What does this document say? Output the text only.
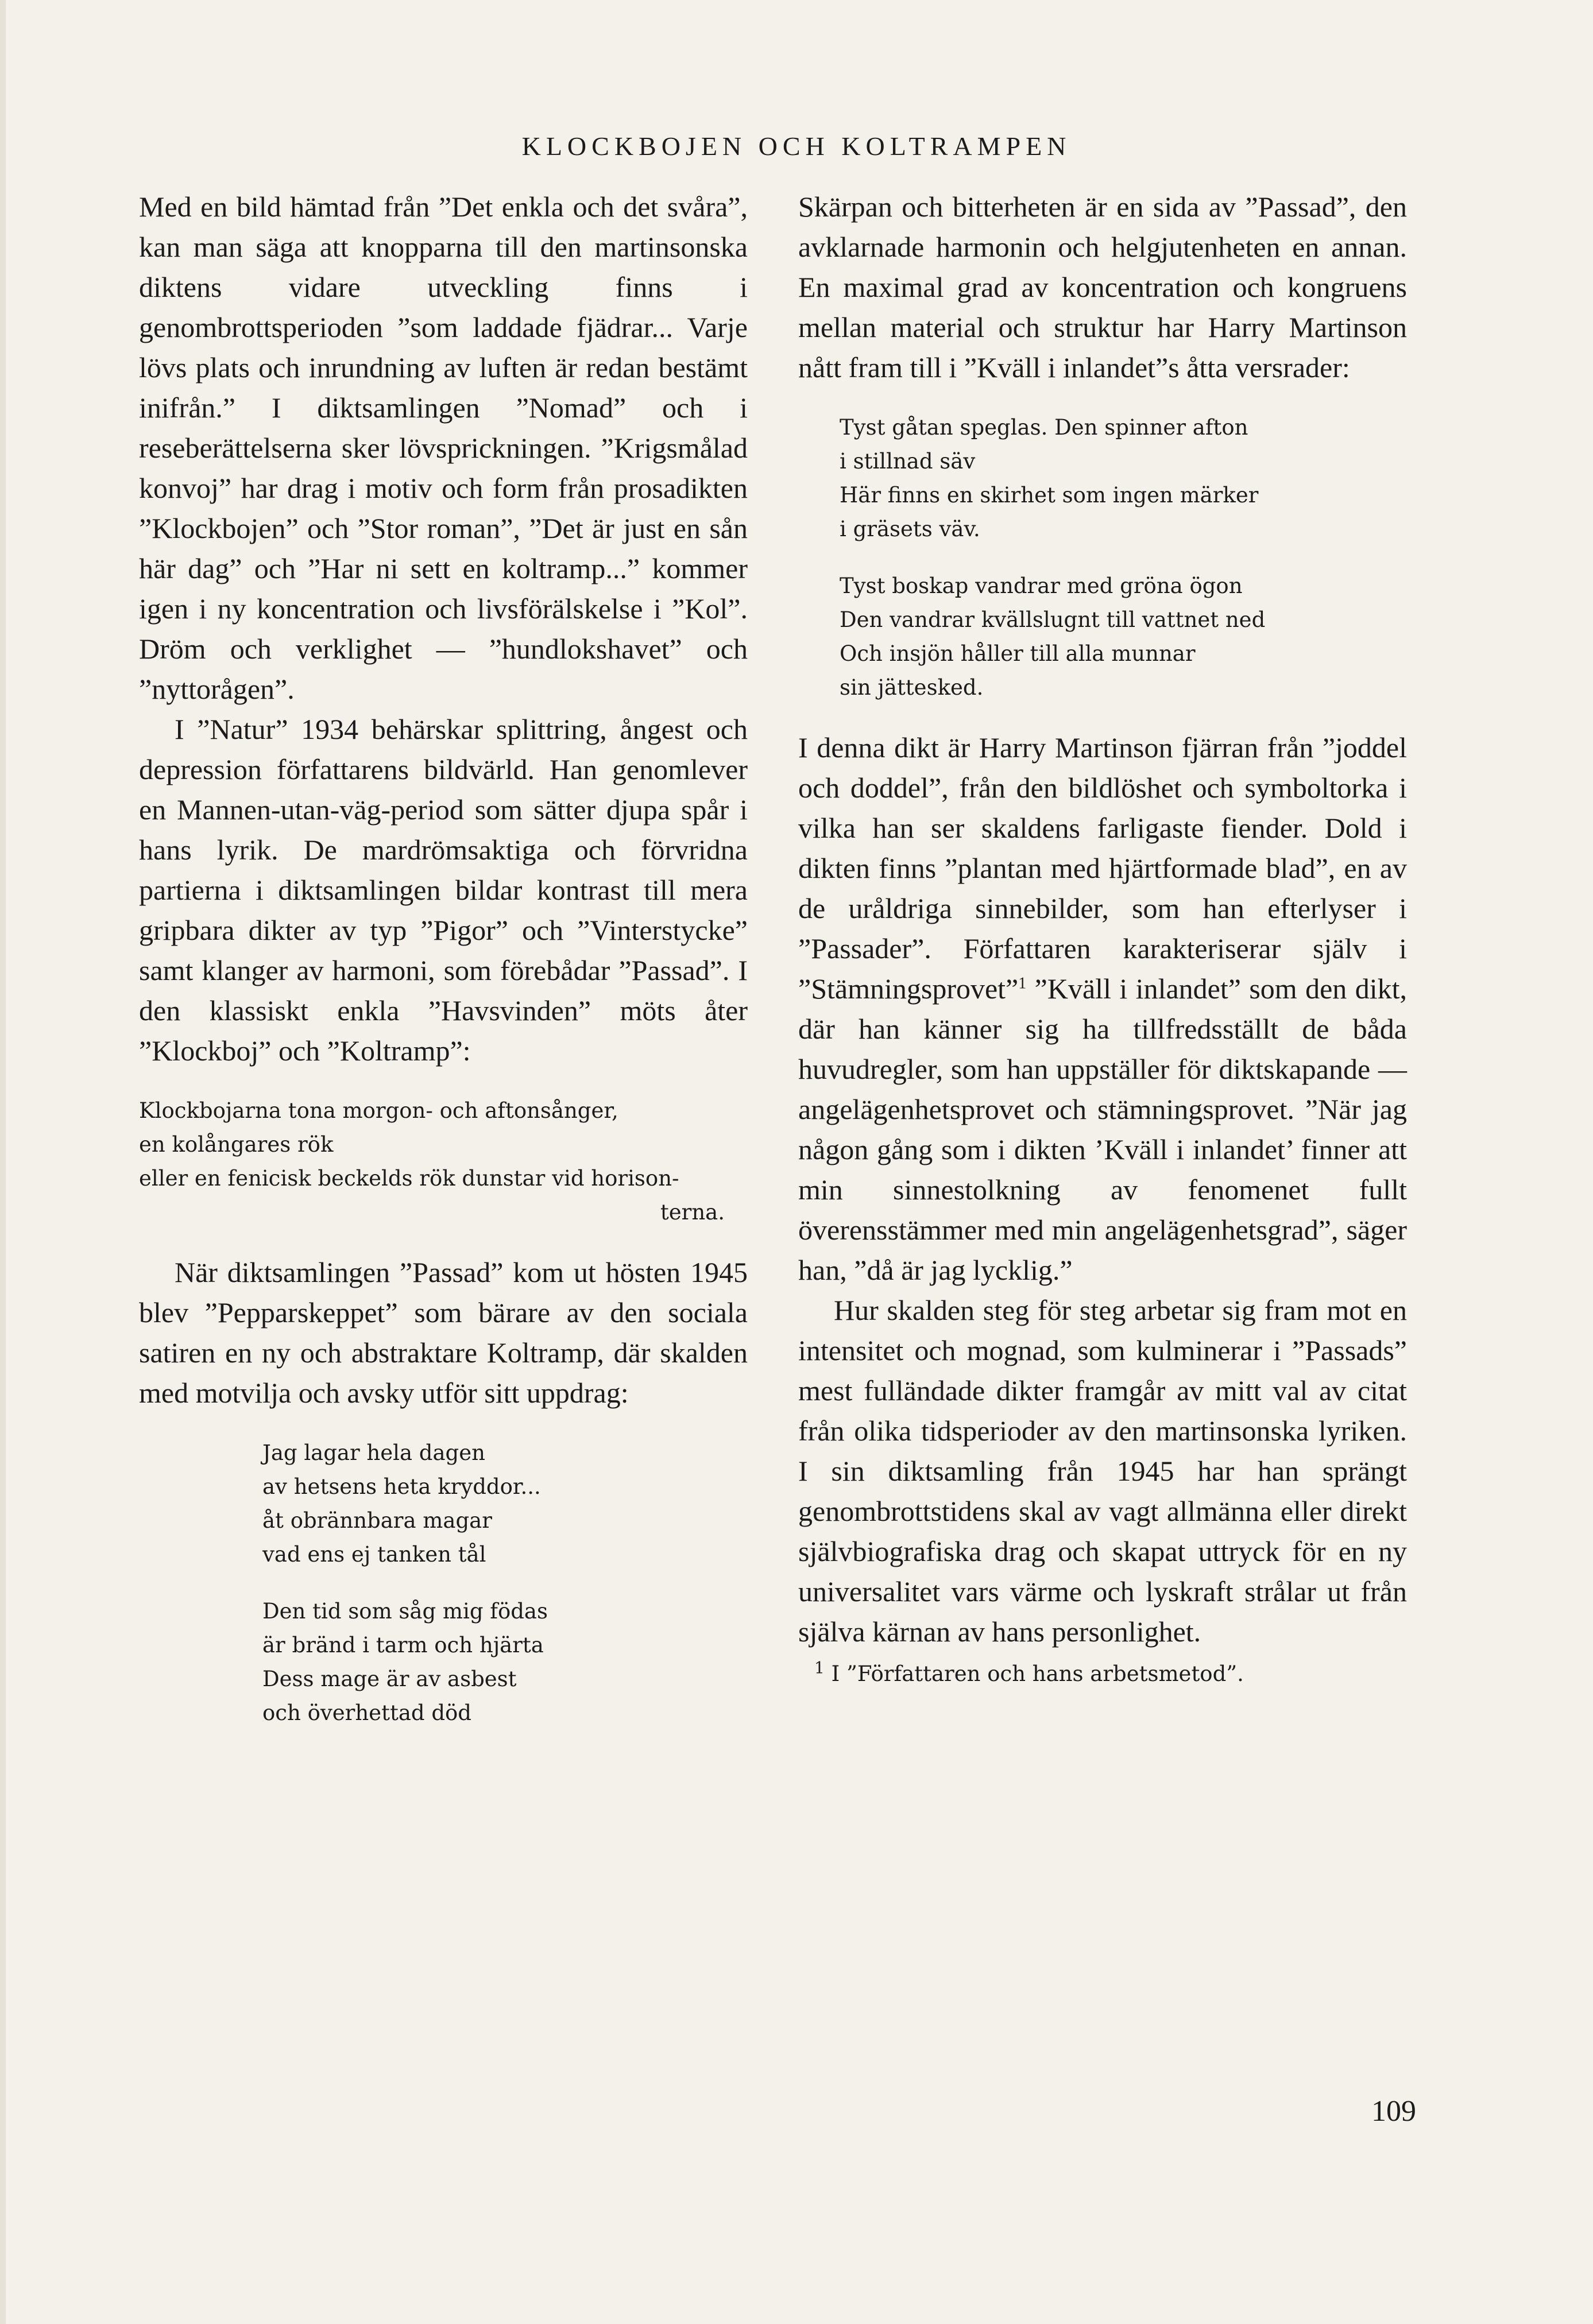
KLOCKBOJEN OCH KOLTRAMPEN

Med en bild hämtad från ”Det enkla och det svåra”, kan man säga att knopparna till den martinsonska diktens vidare utveckling finns i genombrottsperioden ”som laddade fjädrar... Varje lövs plats och inrundning av luften är redan bestämt inifrån.” I diktsamlingen ”Nomad” och i reseberättelserna sker lövsprickningen. ”Krigsmålad konvoj” har drag i motiv och form från prosadikten ”Klockbojen” och ”Stor roman”, ”Det är just en sån här dag” och ”Har ni sett en koltramp...” kommer igen i ny koncentration och livsförälskelse i ”Kol”. Dröm och verklighet — ”hundlokshavet” och ”nyttorågen”.

I ”Natur” 1934 behärskar splittring, ångest och depression författarens bildvärld. Han genomlever en Mannen-utan-väg-period som sätter djupa spår i hans lyrik. De mardrömsaktiga och förvridna partierna i diktsamlingen bildar kontrast till mera gripbara dikter av typ ”Pigor” och ”Vinterstycke” samt klanger av harmoni, som förebådar ”Passad”. I den klassiskt enkla ”Havsvinden” möts åter ”Klockboj” och ”Koltramp”:

Klockbojarna tona morgon- och aftonsånger,
en kolångares rök
eller en fenicisk beckelds rök dunstar vid horison-
terna.

När diktsamlingen ”Passad” kom ut hösten 1945 blev ”Pepparskeppet” som bärare av den sociala satiren en ny och abstraktare Koltramp, där skalden med motvilja och avsky utför sitt uppdrag:

Jag lagar hela dagen
av hetsens heta kryddor...
åt obrännbara magar
vad ens ej tanken tål
Den tid som såg mig födas
är bränd i tarm och hjärta
Dess mage är av asbest
och överhettad död

Skärpan och bitterheten är en sida av ”Passad”, den avklarnade harmonin och helgjutenheten en annan. En maximal grad av koncentration och kongruens mellan material och struktur har Harry Martinson nått fram till i ”Kväll i inlandet”s åtta versrader:

Tyst gåtan speglas. Den spinner afton
i stillnad säv
Här finns en skirhet som ingen märker
i gräsets väv.
Tyst boskap vandrar med gröna ögon
Den vandrar kvällslugnt till vattnet ned
Och insjön håller till alla munnar
sin jättesked.

I denna dikt är Harry Martinson fjärran från ”joddel och doddel”, från den bildlöshet och symboltorka i vilka han ser skaldens farligaste fiender. Dold i dikten finns ”plantan med hjärtformade blad”, en av de uråldriga sinnebilder, som han efterlyser i ”Passader”. Författaren karakteriserar själv i ”Stämningsprovet”$^1$ ”Kväll i inlandet” som den dikt, där han känner sig ha tillfredsställt de båda huvudregler, som han uppställer för diktskapande — angelägenhetsprovet och stämningsprovet. ”När jag någon gång som i dikten ’Kväll i inlandet’ finner att min sinnestolkning av fenomenet fullt överensstämmer med min angelägenhetsgrad”, säger han, ”då är jag lycklig.”

Hur skalden steg för steg arbetar sig fram mot en intensitet och mognad, som kulminerar i ”Passads” mest fulländade dikter framgår av mitt val av citat från olika tidsperioder av den martinsonska lyriken. I sin diktsamling från 1945 har han sprängt genombrottstidens skal av vagt allmänna eller direkt självbiografiska drag och skapat uttryck för en ny universalitet vars värme och lyskraft strålar ut från själva kärnan av hans personlighet.

$^1$ I ”Författaren och hans arbetsmetod”.
109
